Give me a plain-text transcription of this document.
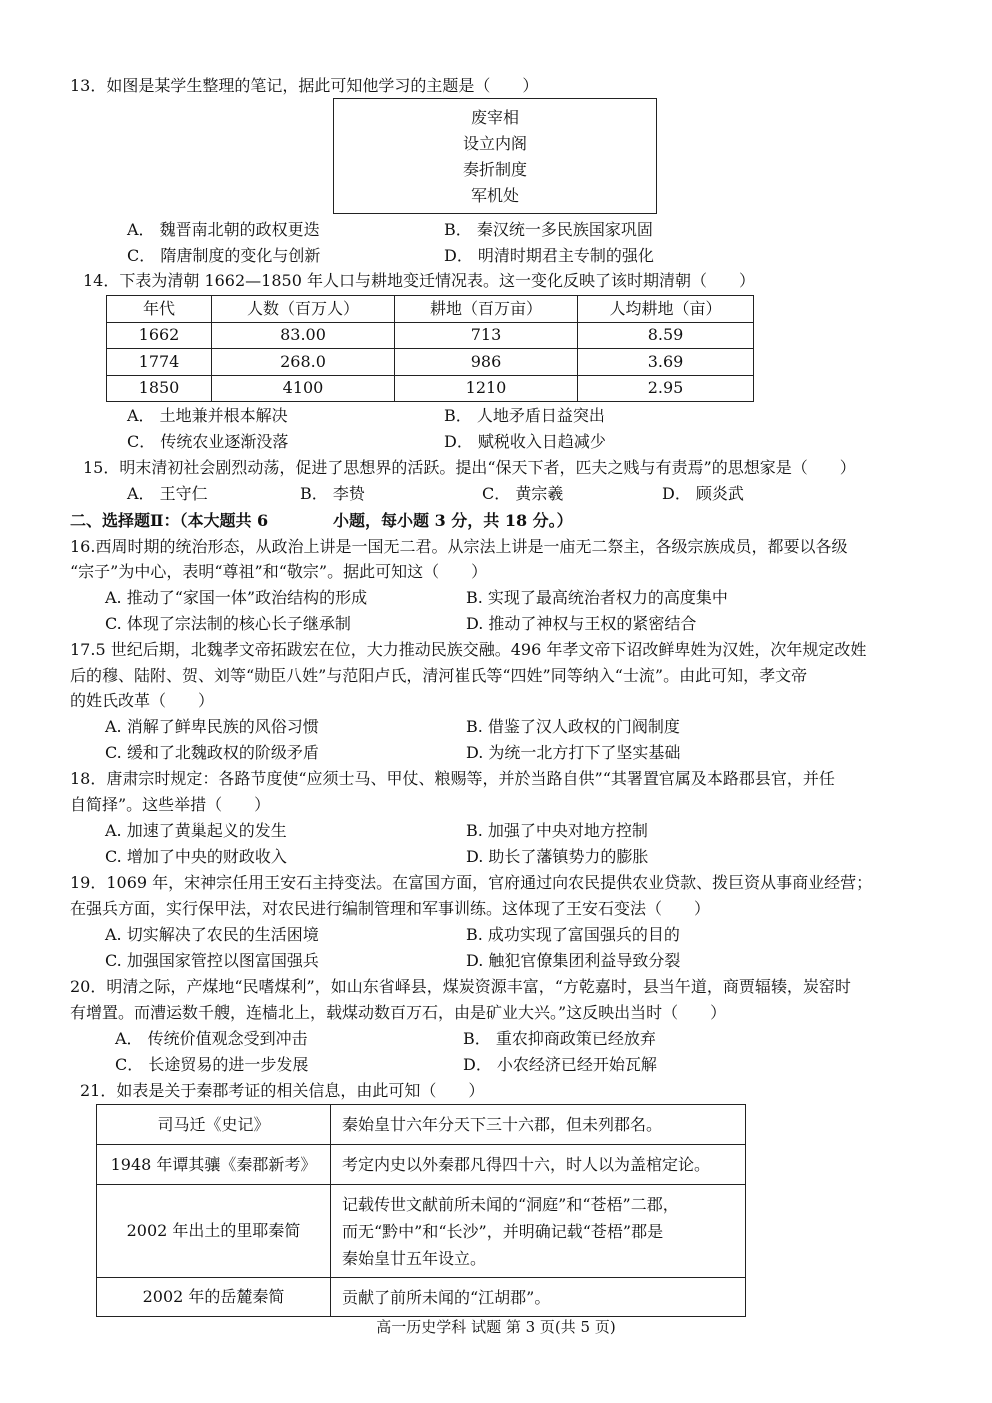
13．如图是某学生整理的笔记，据此可知他学习的主题是（　　）
废宰相
设立内阁
奏折制度
军机处
A． 魏晋南北朝的政权更迭	B． 秦汉统一多民族国家巩固
C． 隋唐制度的变化与创新	D． 明清时期君主专制的强化
14．下表为清朝 1662—1850 年人口与耕地变迁情况表。这一变化反映了该时期清朝（　　）
年代	人数（百万人）	耕地（百万亩）	人均耕地（亩）
1662	83.00	713	8.59
1774	268.0	986	3.69
1850	4100	1210	2.95
A． 土地兼并根本解决	B． 人地矛盾日益突出
C． 传统农业逐渐没落	D． 赋税收入日趋减少
15．明末清初社会剧烈动荡，促进了思想界的活跃。提出“保天下者，匹夫之贱与有责焉”的思想家是（　　）
A． 王守仁	B． 李贽	C． 黄宗羲	D． 顾炎武
二、选择题Ⅱ：（本大题共 6	小题，每小题 3 分，共 18 分。）
16.西周时期的统治形态，从政治上讲是一国无二君。从宗法上讲是一庙无二祭主，各级宗族成员，都要以各级
“宗子”为中心，表明“尊祖”和“敬宗”。据此可知这（　　）
A. 推动了“家国一体”政治结构的形成	B. 实现了最高统治者权力的高度集中
C. 体现了宗法制的核心长子继承制	D. 推动了神权与王权的紧密结合
17.5 世纪后期，北魏孝文帝拓跋宏在位，大力推动民族交融。496 年孝文帝下诏改鲜卑姓为汉姓，次年规定改姓
后的穆、陆附、贺、刘等“勋臣八姓”与范阳卢氏，清河崔氏等“四姓”同等纳入“士流”。由此可知，孝文帝
的姓氏改革（　　）
A. 消解了鲜卑民族的风俗习惯	B. 借鉴了汉人政权的门阀制度
C. 缓和了北魏政权的阶级矛盾	D. 为统一北方打下了坚实基础
18．唐肃宗时规定：各路节度使“应须士马、甲仗、粮赐等，并於当路自供”“其署置官属及本路郡县官，并任
自简择”。这些举措（　　）
A. 加速了黄巢起义的发生	B. 加强了中央对地方控制
C. 增加了中央的财政收入	D. 助长了藩镇势力的膨胀
19．1069 年，宋神宗任用王安石主持变法。在富国方面，官府通过向农民提供农业贷款、拨巨资从事商业经营；
在强兵方面，实行保甲法，对农民进行编制管理和军事训练。这体现了王安石变法（　　）
A. 切实解决了农民的生活困境	B. 成功实现了富国强兵的目的
C. 加强国家管控以图富国强兵	D. 触犯官僚集团利益导致分裂
20．明清之际，产煤地“民嗜煤利”，如山东省峄县，煤炭资源丰富，“方乾嘉时，县当午道，商贾辐辏，炭窑时
有增置。而漕运数千艘，连樯北上，载煤动数百万石，由是矿业大兴。”这反映出当时（　　）
A． 传统价值观念受到冲击	B． 重农抑商政策已经放弃
C． 长途贸易的进一步发展	D． 小农经济已经开始瓦解
21．如表是关于秦郡考证的相关信息，由此可知（　　）
司马迁《史记》	秦始皇廿六年分天下三十六郡，但未列郡名。
1948 年谭其骧《秦郡新考》	考定内史以外秦郡凡得四十六，时人以为盖棺定论。
2002 年出土的里耶秦简	记载传世文献前所未闻的“洞庭”和“苍梧”二郡，
而无“黔中”和“长沙”，并明确记载“苍梧”郡是
秦始皇廿五年设立。

2002 年的岳麓秦简	贡献了前所未闻的“江胡郡”。
高一历史学科 试题 第 3 页(共 5 页)
